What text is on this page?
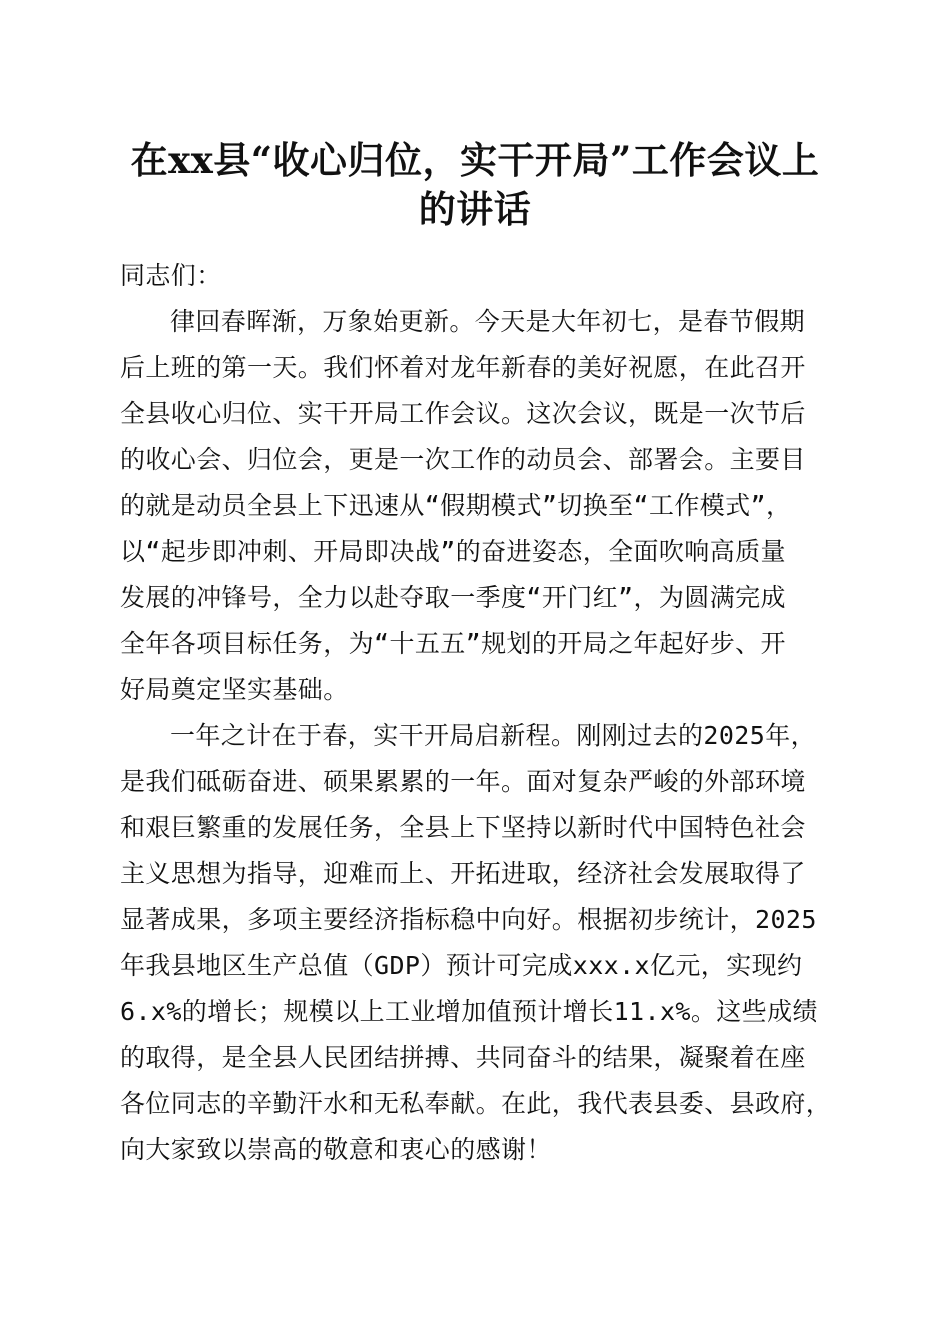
在xx县“收心归位，实干开局”工作会议上
的讲话
同志们：
律回春晖渐，万象始更新。今天是大年初七，是春节假期
后上班的第一天。我们怀着对龙年新春的美好祝愿，在此召开
全县收心归位、实干开局工作会议。这次会议，既是一次节后
的收心会、归位会，更是一次工作的动员会、部署会。主要目
的就是动员全县上下迅速从“假期模式”切换至“工作模式”，
以“起步即冲刺、开局即决战”的奋进姿态，全面吹响高质量
发展的冲锋号，全力以赴夺取一季度“开门红”，为圆满完成
全年各项目标任务，为“十五五”规划的开局之年起好步、开
好局奠定坚实基础。
一年之计在于春，实干开局启新程。刚刚过去的2025年，
是我们砥砺奋进、硕果累累的一年。面对复杂严峻的外部环境
和艰巨繁重的发展任务，全县上下坚持以新时代中国特色社会
主义思想为指导，迎难而上、开拓进取，经济社会发展取得了
显著成果，多项主要经济指标稳中向好。根据初步统计，2025
年我县地区生产总值（GDP）预计可完成xxx.x亿元，实现约
6.x%的增长；规模以上工业增加值预计增长11.x%。这些成绩
的取得，是全县人民团结拼搏、共同奋斗的结果，凝聚着在座
各位同志的辛勤汗水和无私奉献。在此，我代表县委、县政府，
向大家致以崇高的敬意和衷心的感谢！
